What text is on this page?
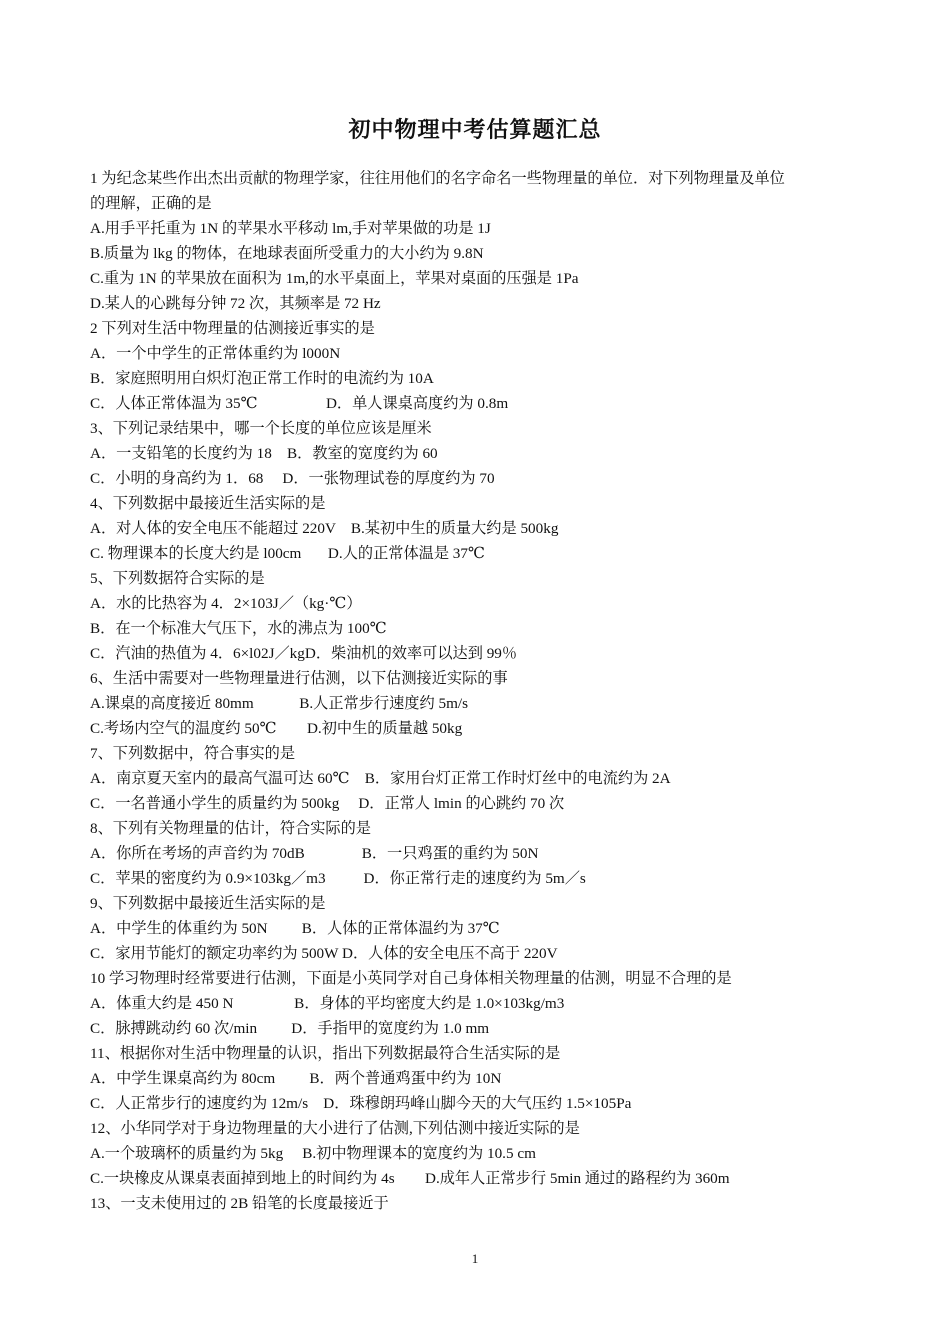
初中物理中考估算题汇总
1 为纪念某些作出杰出贡献的物理学家，往往用他们的名字命名一些物理量的单位．对下列物理量及单位
的理解，正确的是
A.用手平托重为 1N 的苹果水平移动 lm,手对苹果做的功是 1J
B.质量为 lkg 的物体，在地球表面所受重力的大小约为 9.8N
C.重为 1N 的苹果放在面积为 1m,的水平桌面上，苹果对桌面的压强是 1Pa
D.某人的心跳每分钟 72 次，其频率是 72 Hz
2 下列对生活中物理量的估测接近事实的是
A．一个中学生的正常体重约为 l000N
B．家庭照明用白炽灯泡正常工作时的电流约为 10A
C．人体正常体温为 35℃                  D．单人课桌高度约为 0.8m
3、下列记录结果中，哪一个长度的单位应该是厘米
A．一支铅笔的长度约为 18    B．教室的宽度约为 60
C．小明的身高约为 1．68     D．一张物理试卷的厚度约为 70
4、下列数据中最接近生活实际的是
A．对人体的安全电压不能超过 220V    B.某初中生的质量大约是 500kg
C. 物理课本的长度大约是 l00cm       D.人的正常体温是 37℃
5、下列数据符合实际的是
A．水的比热容为 4．2×103J／（kg·℃）
B．在一个标准大气压下，水的沸点为 100℃
C．汽油的热值为 4．6×l02J／kgD．柴油机的效率可以达到 99％
6、生活中需要对一些物理量进行估测，以下估测接近实际的事
A.课桌的高度接近 80mm            B.人正常步行速度约 5m/s
C.考场内空气的温度约 50℃        D.初中生的质量越 50kg
7、下列数据中，符合事实的是
A．南京夏天室内的最高气温可达 60℃    B．家用台灯正常工作时灯丝中的电流约为 2A
C．一名普通小学生的质量约为 500kg     D．正常人 lmin 的心跳约 70 次
8、下列有关物理量的估计，符合实际的是
A．你所在考场的声音约为 70dB               B．一只鸡蛋的重约为 50N
C．苹果的密度约为 0.9×103kg／m3          D．你正常行走的速度约为 5m／s
9、下列数据中最接近生活实际的是
A．中学生的体重约为 50N         B．人体的正常体温约为 37℃
C．家用节能灯的额定功率约为 500W D．人体的安全电压不高于 220V
10 学习物理时经常要进行估测，下面是小英同学对自己身体相关物理量的估测，明显不合理的是
A．体重大约是 450 N                B．身体的平均密度大约是 1.0×103kg/m3
C．脉搏跳动约 60 次/min         D．手指甲的宽度约为 1.0 mm
11、根据你对生活中物理量的认识，指出下列数据最符合生活实际的是
A．中学生课桌高约为 80cm         B．两个普通鸡蛋中约为 10N
C．人正常步行的速度约为 12m/s    D．珠穆朗玛峰山脚今天的大气压约 1.5×105Pa
12、小华同学对于身边物理量的大小进行了估测,下列估测中接近实际的是
A.一个玻璃杯的质量约为 5kg     B.初中物理课本的宽度约为 10.5 cm
C.一块橡皮从课桌表面掉到地上的时间约为 4s        D.成年人正常步行 5min 通过的路程约为 360m
13、一支未使用过的 2B 铅笔的长度最接近于
1
